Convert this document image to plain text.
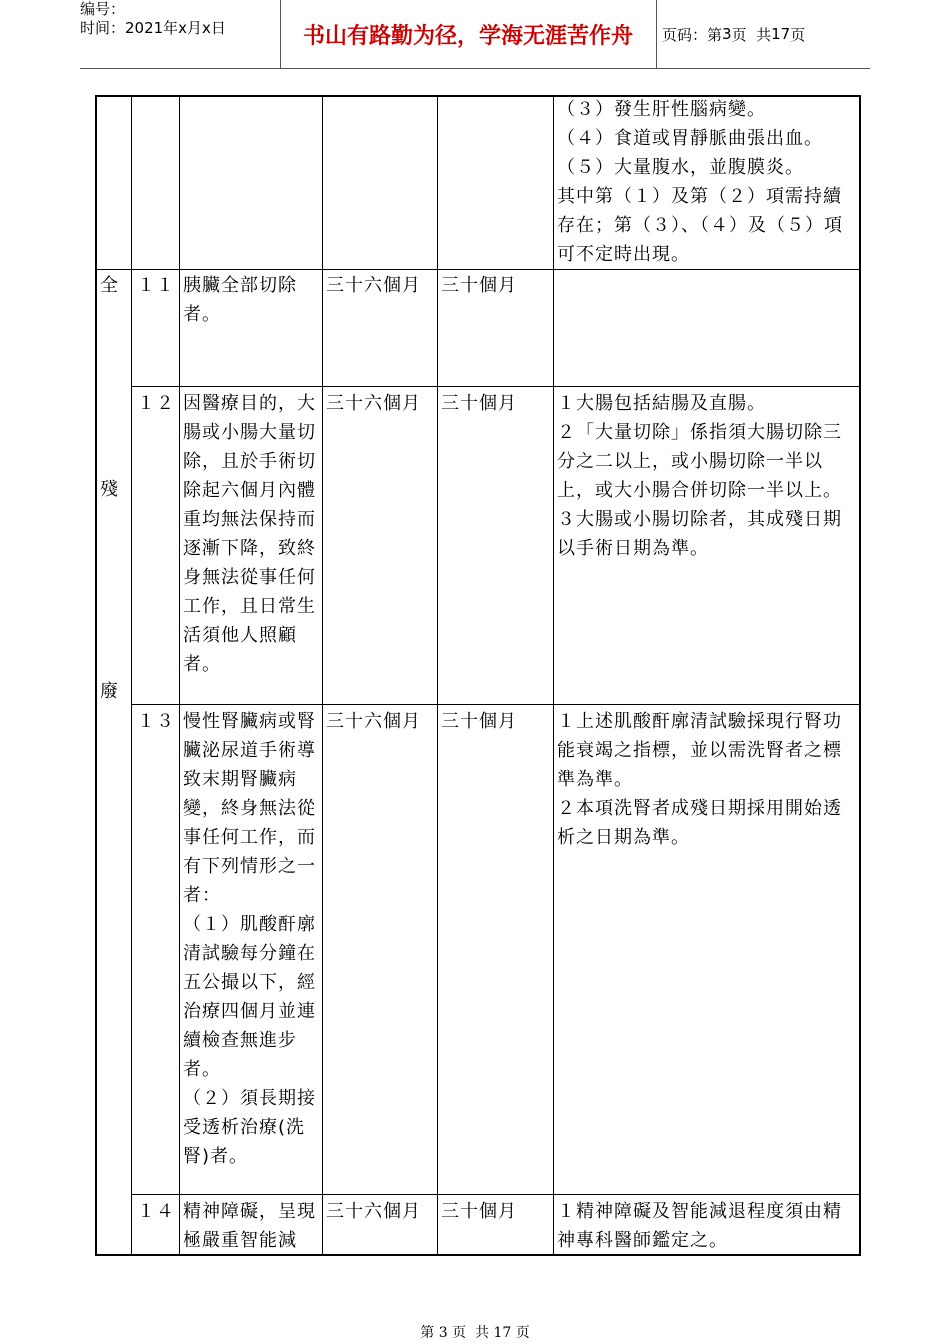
编号：
时间：2021年x月x日	书山有路勤为径，学海无涯苦作舟	页码：第 3 页  共 17 页

（３）發生肝性腦病變。

（４）食道或胃靜脈曲張出血。

（５）大量腹水，並腹膜炎。

其中第（１）及第（２）項需持續存在；第（３）、（４）及（５）項可不定時出現。

全
殘
廢
１１ 胰臟全部切除者。

三十六個月 三十個月
１２ 因醫療目的，大腸或小腸大量切除，且於手術切除起六個月內體重均無法保持而逐漸下降，致終身無法從事任何工作，且日常生活須他人照顧者。

三十六個月 三十個月 １大腸包括結腸及直腸。

２「大量切除」係指須大腸切除三分之二以上，或小腸切除一半以上，或大小腸合併切除一半以上。

３大腸或小腸切除者，其成殘日期以手術日期為準。

１３ 慢性腎臟病或腎臟泌尿道手術導致末期腎臟病變，終身無法從事任何工作，而有下列情形之一者：

（１）肌酸酐廓清試驗每分鐘在五公撮以下，經治療四個月並連續檢查無進步者。

（２）須長期接受透析治療(洗腎)者。

三十六個月 三十個月 １上述肌酸酐廓清試驗採現行腎功能衰竭之指標，並以需洗腎者之標準為準。

２本項洗腎者成殘日期採用開始透析之日期為準。

１４ 精神障礙，呈現極嚴重智能減

三十六個月 三十個月 １精神障礙及智能減退程度須由精神專科醫師鑑定之。

第 3 页  共 17 页
